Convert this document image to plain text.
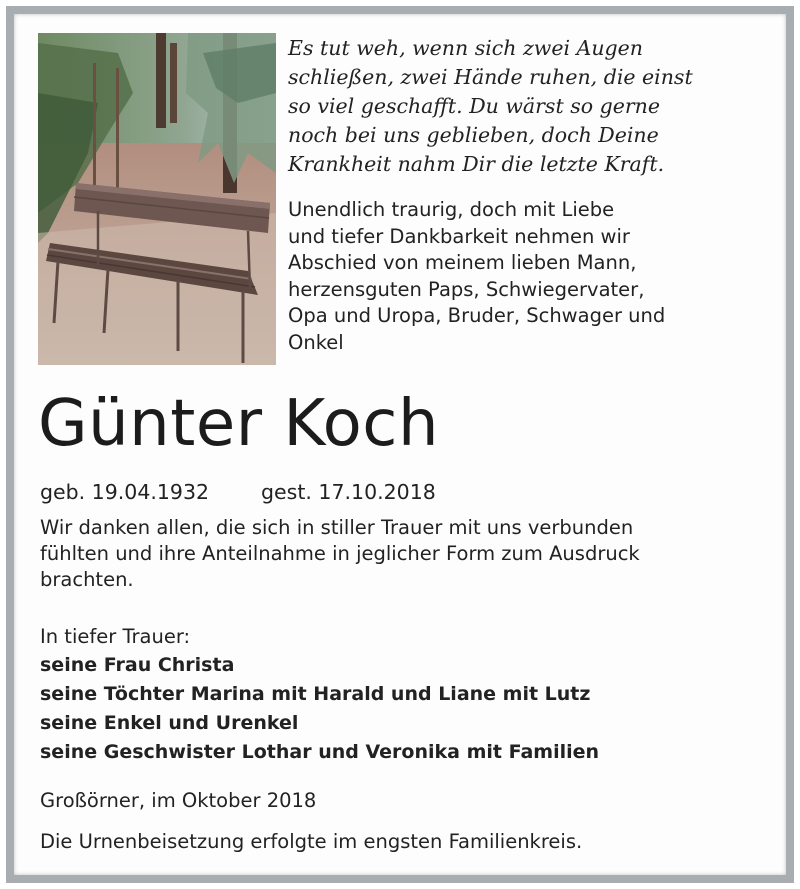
Es tut weh, wenn sich zwei Augen
schließen, zwei Hände ruhen, die einst
so viel geschafft. Du wärst so gerne
noch bei uns geblieben, doch Deine
Krankheit nahm Dir die letzte Kraft.
Unendlich traurig, doch mit Liebe
und tiefer Dankbarkeit nehmen wir
Abschied von meinem lieben Mann,
herzensguten Paps, Schwiegervater,
Opa und Uropa, Bruder, Schwager und
Onkel
Günter Koch
geb. 19.04.1932	gest. 17.10.2018
Wir danken allen, die sich in stiller Trauer mit uns verbunden
fühlten und ihre Anteilnahme in jeglicher Form zum Ausdruck
brachten.
In tiefer Trauer:
seine Frau Christa
seine Töchter Marina mit Harald und Liane mit Lutz
seine Enkel und Urenkel
seine Geschwister Lothar und Veronika mit Familien
Großörner, im Oktober 2018
Die Urnenbeisetzung erfolgte im engsten Familienkreis.
